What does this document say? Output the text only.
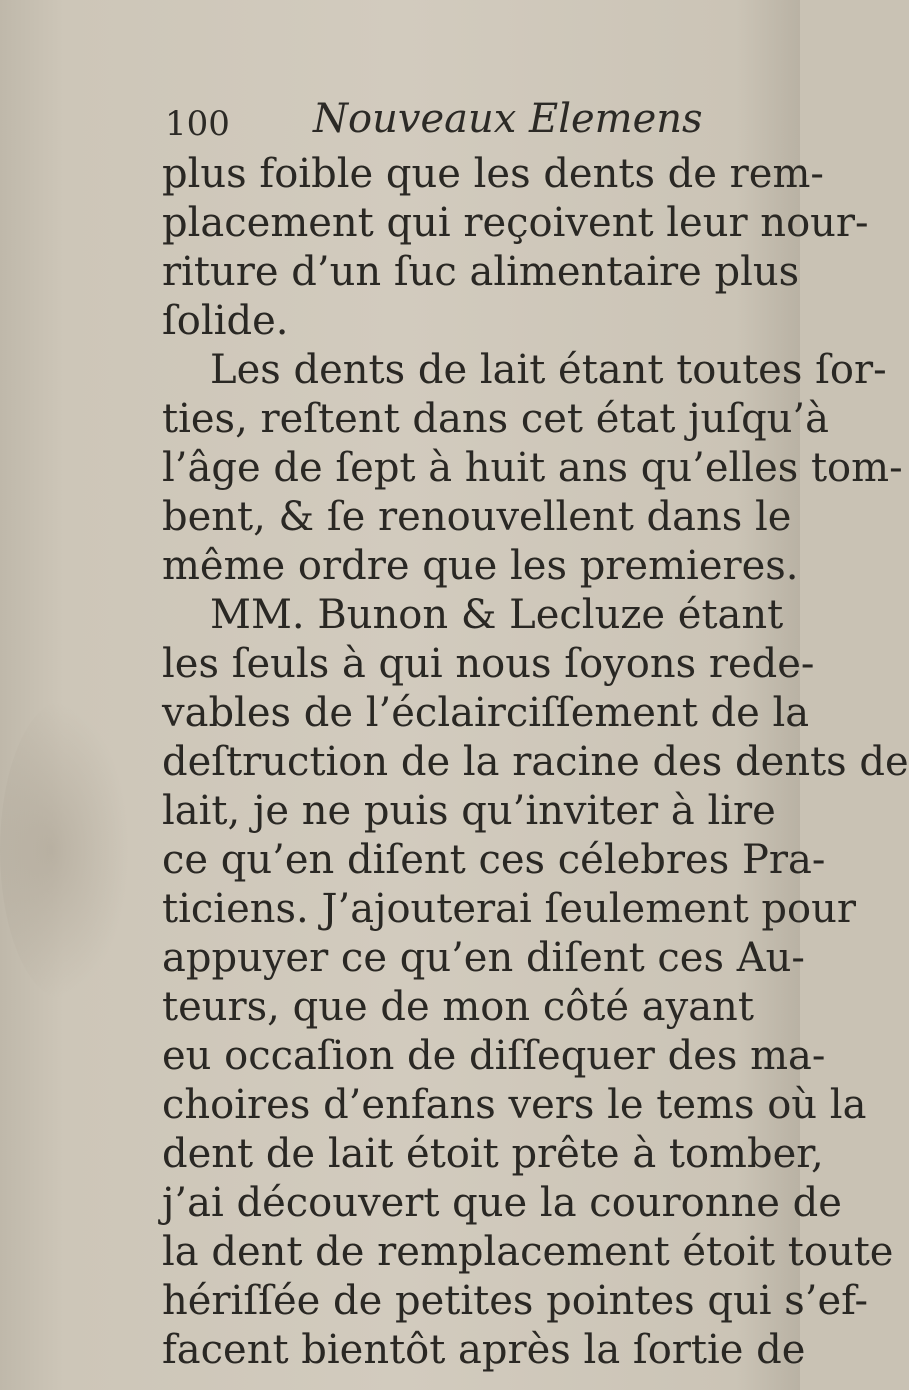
100 Nouveaux Elemens
plus foible que les dents de rem-
placement qui reçoivent leur nour-
riture d’un ſuc alimentaire plus
ſolide.
Les dents de lait étant toutes ſor-
ties, reſtent dans cet état juſqu’à
l’âge de ſept à huit ans qu’elles tom-
bent, & ſe renouvellent dans le
même ordre que les premieres.
MM. Bunon & Lecluze étant
les ſeuls à qui nous ſoyons rede-
vables de l’éclairciſſement de la
deſtruction de la racine des dents de
lait, je ne puis qu’inviter à lire
ce qu’en diſent ces célebres Pra-
ticiens. J’ajouterai ſeulement pour
appuyer ce qu’en diſent ces Au-
teurs, que de mon côté ayant
eu occaſion de diſſequer des ma-
choires d’enfans vers le tems où la
dent de lait étoit prête à tomber,
j’ai découvert que la couronne de
la dent de remplacement étoit toute
hériſſée de petites pointes qui s’ef-
facent bientôt après la ſortie de
